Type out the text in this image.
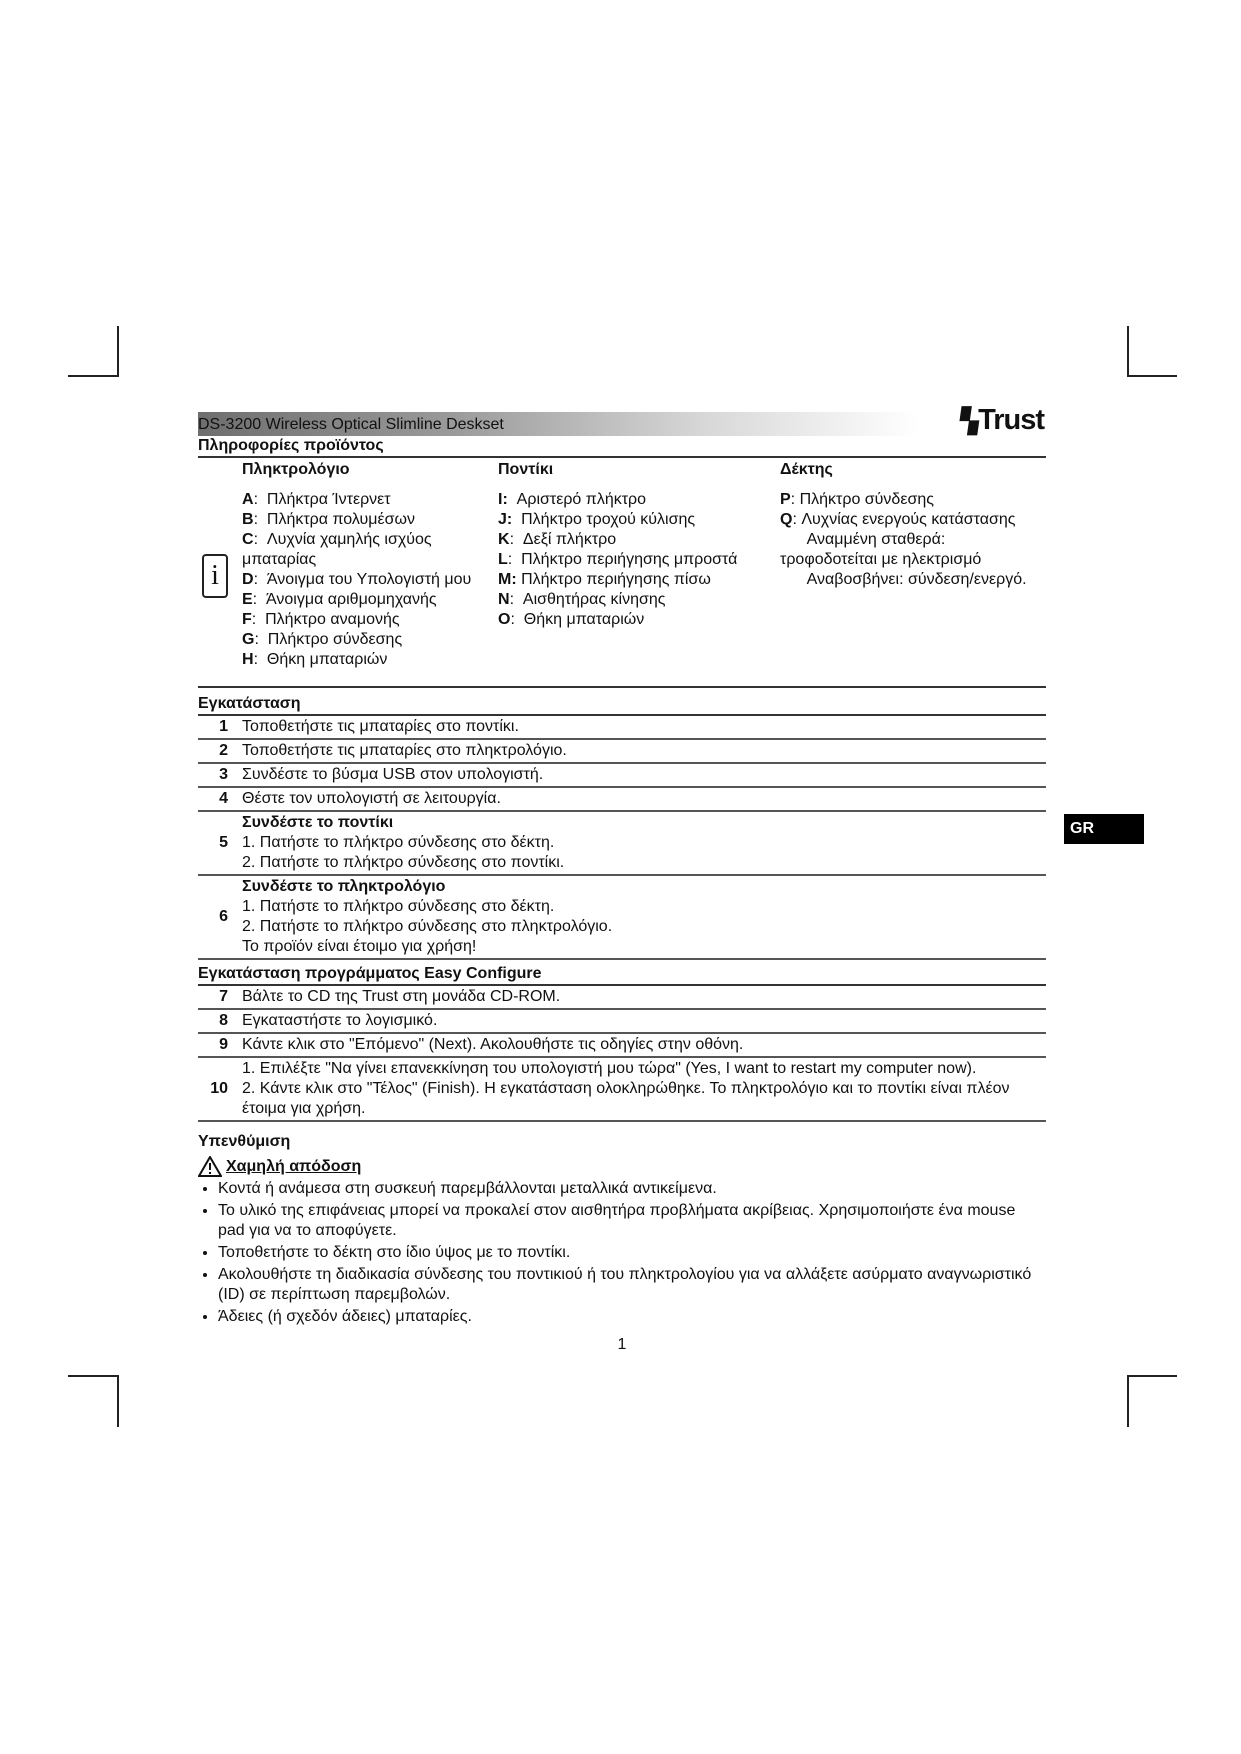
GR
DS-3200 Wireless Optical Slimline Deskset	▚Trust
Πληροφορίες προϊόντος
i
Πληκτρολόγιο
A:  Πλήκτρα Ίντερνετ
B:  Πλήκτρα πολυμέσων
C:  Λυχνία χαμηλής ισχύος μπαταρίας
D:  Άνοιγμα του Υπολογιστή μου
E:  Άνοιγμα αριθμομηχανής
F:  Πλήκτρο αναμονής
G:  Πλήκτρο σύνδεσης
H:  Θήκη μπαταριών
Ποντίκι
I:  Αριστερό πλήκτρο
J:  Πλήκτρο τροχού κύλισης
K:  Δεξί πλήκτρο
L:  Πλήκτρο περιήγησης μπροστά
M: Πλήκτρο περιήγησης πίσω
N:  Αισθητήρας κίνησης
O:  Θήκη μπαταριών
Δέκτης
P: Πλήκτρο σύνδεσης
Q: Λυχνίας ενεργούς κατάστασης
Αναμμένη σταθερά: τροφοδοτείται με ηλεκτρισμό
Αναβοσβήνει: σύνδεση/ενεργό.
Εγκατάσταση
1 Τοποθετήστε τις μπαταρίες στο ποντίκι.
2 Τοποθετήστε τις μπαταρίες στο πληκτρολόγιο.
3 Συνδέστε το βύσμα USB στον υπολογιστή.
4 Θέστε τον υπολογιστή σε λειτουργία.
5
Συνδέστε το ποντίκι
1. Πατήστε το πλήκτρο σύνδεσης στο δέκτη.
2. Πατήστε το πλήκτρο σύνδεσης στο ποντίκι.
6
Συνδέστε το πληκτρολόγιο
1. Πατήστε το πλήκτρο σύνδεσης στο δέκτη.
2. Πατήστε το πλήκτρο σύνδεσης στο πληκτρολόγιο.
Το προϊόν είναι έτοιμο για χρήση!
Εγκατάσταση προγράμματος Easy Configure
7 Βάλτε το CD της Trust στη μονάδα CD-ROM.
8 Εγκαταστήστε το λογισμικό.
9 Κάντε κλικ στο "Επόμενο" (Next). Ακολουθήστε τις οδηγίες στην οθόνη.
10
1. Επιλέξτε "Να γίνει επανεκκίνηση του υπολογιστή μου τώρα" (Yes, I want to restart my computer now).
2. Κάντε κλικ στο "Τέλος" (Finish). Η εγκατάσταση ολοκληρώθηκε. Το πληκτρολόγιο και το ποντίκι είναι πλέον έτοιμα για χρήση.
Υπενθύμιση
Χαμηλή απόδοση
• Κοντά ή ανάμεσα στη συσκευή παρεμβάλλονται μεταλλικά αντικείμενα.
• Το υλικό της επιφάνειας μπορεί να προκαλεί στον αισθητήρα προβλήματα ακρίβειας. Χρησιμοποιήστε ένα mouse pad για να το αποφύγετε.
• Τοποθετήστε το δέκτη στο ίδιο ύψος με το ποντίκι.
• Ακολουθήστε τη διαδικασία σύνδεσης του ποντικιού ή του πληκτρολογίου για να αλλάξετε ασύρματο αναγνωριστικό (ID) σε περίπτωση παρεμβολών.
• Άδειες (ή σχεδόν άδειες) μπαταρίες.
1
